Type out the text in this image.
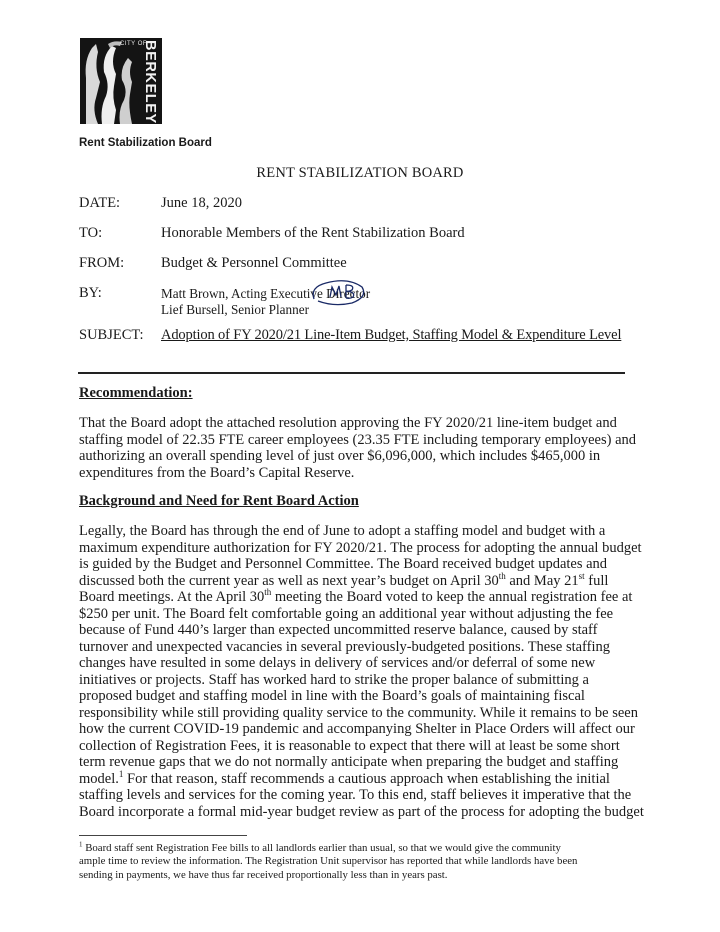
CITY OF
BERKELEY
Rent Stabilization Board
RENT STABILIZATION BOARD
DATE:	June 18, 2020
TO:	Honorable Members of the Rent Stabilization Board
FROM:	Budget & Personnel Committee
BY:	Matt Brown, Acting Executive Director
Lief Bursell, Senior Planner
SUBJECT: Adoption of FY 2020/21 Line-Item Budget, Staffing Model & Expenditure Level
Recommendation:
That the Board adopt the attached resolution approving the FY 2020/21 line-item budget and
staffing model of 22.35 FTE career employees (23.35 FTE including temporary employees) and
authorizing an overall spending level of just over $6,096,000, which includes $465,000 in
expenditures from the Board’s Capital Reserve.
Background and Need for Rent Board Action
Legally, the Board has through the end of June to adopt a staffing model and budget with a
maximum expenditure authorization for FY 2020/21. The process for adopting the annual budget
is guided by the Budget and Personnel Committee. The Board received budget updates and
discussed both the current year as well as next year’s budget on April 30th and May 21st full
Board meetings. At the April 30th meeting the Board voted to keep the annual registration fee at
$250 per unit. The Board felt comfortable going an additional year without adjusting the fee
because of Fund 440’s larger than expected uncommitted reserve balance, caused by staff
turnover and unexpected vacancies in several previously-budgeted positions. These staffing
changes have resulted in some delays in delivery of services and/or deferral of some new
initiatives or projects. Staff has worked hard to strike the proper balance of submitting a
proposed budget and staffing model in line with the Board’s goals of maintaining fiscal
responsibility while still providing quality service to the community. While it remains to be seen
how the current COVID-19 pandemic and accompanying Shelter in Place Orders will affect our
collection of Registration Fees, it is reasonable to expect that there will at least be some short
term revenue gaps that we do not normally anticipate when preparing the budget and staffing
model.$^1$ For that reason, staff recommends a cautious approach when establishing the initial
staffing levels and services for the coming year. To this end, staff believes it imperative that the
Board incorporate a formal mid-year budget review as part of the process for adopting the budget
$^1$ Board staff sent Registration Fee bills to all landlords earlier than usual, so that we would give the community
ample time to review the information. The Registration Unit supervisor has reported that while landlords have been
sending in payments, we have thus far received proportionally less than in years past.
